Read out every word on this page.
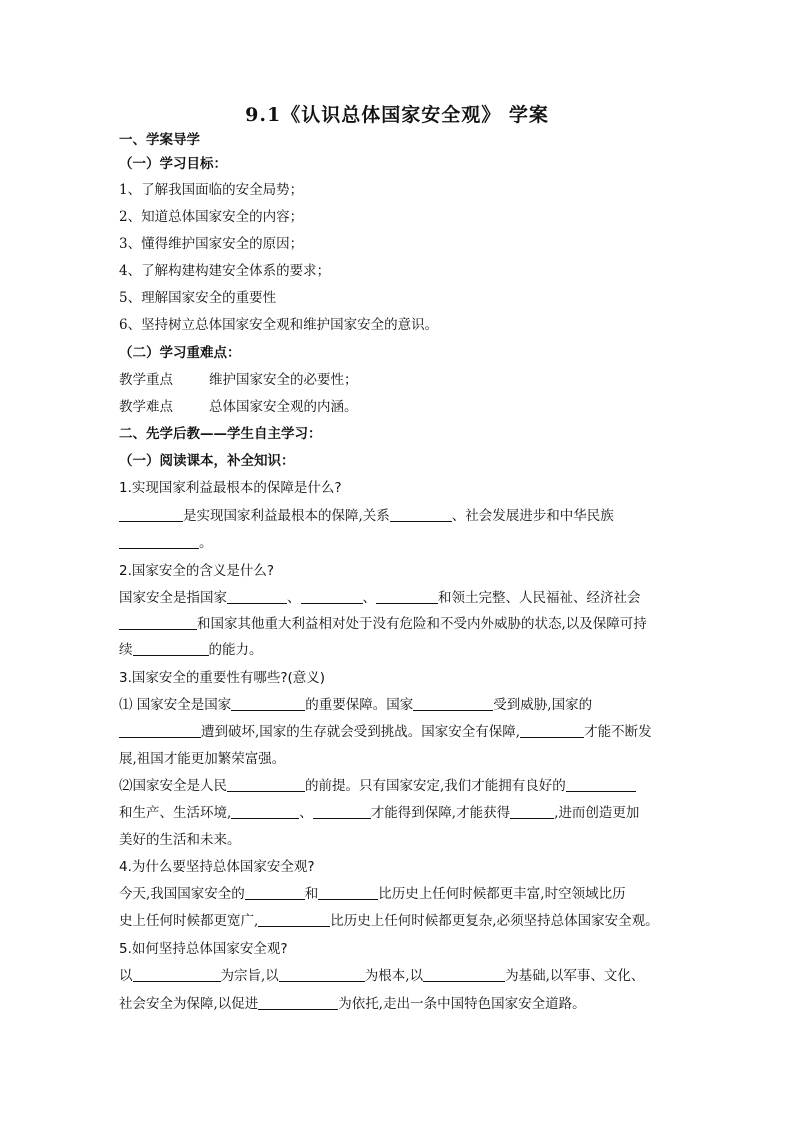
9.1《认识总体国家安全观》 学案
一、学案导学
（一）学习目标：
1、了解我国面临的安全局势；
2、知道总体国家安全的内容；
3、懂得维护国家安全的原因；
4、了解构建构建安全体系的要求；
5、理解国家安全的重要性
6、坚持树立总体国家安全观和维护国家安全的意识。
（二）学习重难点：
教学重点	维护国家安全的必要性；
教学难点	总体国家安全观的内涵。
二、先学后教——学生自主学习：
（一）阅读课本，补全知识：
1.实现国家利益最根本的保障是什么?
是实现国家利益最根本的保障,关系	、社会发展进步和中华民族
。
2.国家安全的含义是什么?
国家安全是指国家	、	、	和领土完整、人民福祉、经济社会
和国家其他重大利益相对处于没有危险和不受内外威胁的状态,以及保障可持
续	的能力。
3.国家安全的重要性有哪些?(意义)
⑴ 国家安全是国家	的重要保障。国家	受到威胁,国家的
遭到破坏,国家的生存就会受到挑战。国家安全有保障,	才能不断发
展,祖国才能更加繁荣富强。
⑵国家安全是人民	的前提。只有国家安定,我们才能拥有良好的
和生产、生活环境,	、	才能得到保障,才能获得	,进而创造更加
美好的生活和未来。
4.为什么要坚持总体国家安全观?
今天,我国国家安全的	和	比历史上任何时候都更丰富,时空领域比历
史上任何时候都更宽广,	比历史上任何时候都更复杂,必须坚持总体国家安全观。
5.如何坚持总体国家安全观?
以	为宗旨,以	为根本,以	为基础,以军事、文化、
社会安全为保障,以促进	为依托,走出一条中国特色国家安全道路。
